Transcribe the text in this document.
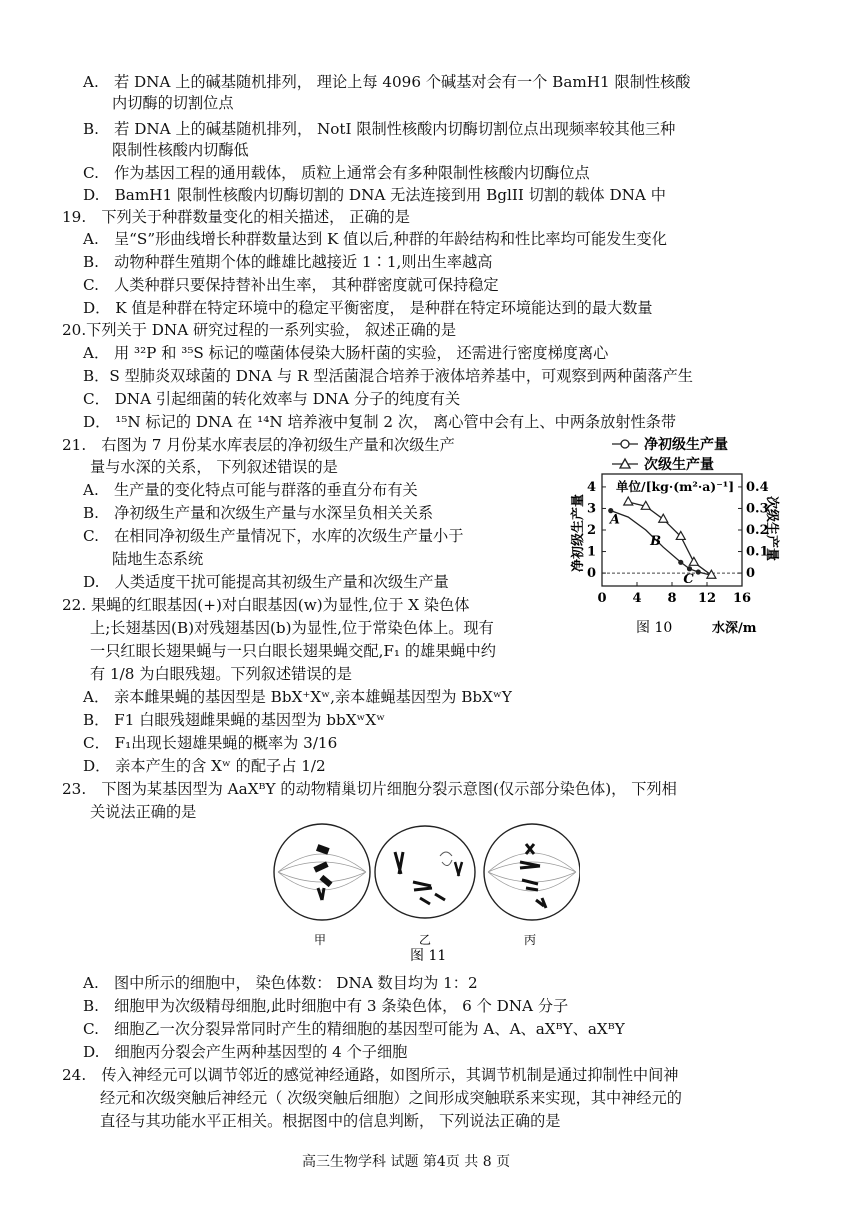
A.　若 DNA 上的碱基随机排列， 理论上每 4096 个碱基对会有一个 BamH1 限制性核酸
内切酶的切割位点
B.　若 DNA 上的碱基随机排列， NotI 限制性核酸内切酶切割位点出现频率较其他三种
限制性核酸内切酶低
C.　作为基因工程的通用载体， 质粒上通常会有多种限制性核酸内切酶位点
D.　BamH1 限制性核酸内切酶切割的 DNA 无法连接到用 BglII 切割的载体 DNA 中
19.　下列关于种群数量变化的相关描述， 正确的是
A.　呈“S”形曲线增长种群数量达到 K 值以后,种群的年龄结构和性比率均可能发生变化
B.　动物种群生殖期个体的雌雄比越接近 1∶1,则出生率越高
C.　人类种群只要保持替补出生率， 其种群密度就可保持稳定
D． K 值是种群在特定环境中的稳定平衡密度， 是种群在特定环境能达到的最大数量
20.下列关于 DNA 研究过程的一系列实验， 叙述正确的是
A． 用 ³²P 和 ³⁵S 标记的噬菌体侵染大肠杆菌的实验， 还需进行密度梯度离心
B．S 型肺炎双球菌的 DNA 与 R 型活菌混合培养于液体培养基中，可观察到两种菌落产生
C． DNA 引起细菌的转化效率与 DNA 分子的纯度有关
D． ¹⁵N 标记的 DNA 在 ¹⁴N 培养液中复制 2 次， 离心管中会有上、中两条放射性条带
21.　右图为 7 月份某水库表层的净初级生产量和次级生产
量与水深的关系， 下列叙述错误的是
A.　生产量的变化特点可能与群落的垂直分布有关
B.　净初级生产量和次级生产量与水深呈负相关关系
C.　在相同净初级生产量情况下，水库的次级生产量小于
陆地生态系统
D.　人类适度干扰可能提高其初级生产量和次级生产量
22. 果蝇的红眼基因(+)对白眼基因(w)为显性,位于 X 染色体
上;长翅基因(B)对残翅基因(b)为显性,位于常染色体上。现有
一只红眼长翅果蝇与一只白眼长翅果蝇交配,F₁ 的雄果蝇中约
有 1/8 为白眼残翅。下列叙述错误的是
A． 亲本雌果蝇的基因型是 BbX⁺Xʷ,亲本雄蝇基因型为 BbXʷY
B． F1 白眼残翅雌果蝇的基因型为 bbXʷXʷ
C． F₁出现长翅雄果蝇的概率为 3/16
D． 亲本产生的含 Xʷ 的配子占 1/2
23.　下图为某基因型为 AaXᴮY 的动物精巢切片细胞分裂示意图(仅示部分染色体)， 下列相
关说法正确的是
A.　图中所示的细胞中， 染色体数： DNA 数目均为 1：2
B.　细胞甲为次级精母细胞,此时细胞中有 3 条染色体， 6 个 DNA 分子
C.　细胞乙一次分裂异常同时产生的精细胞的基因型可能为 A、A、aXᴮY、aXᴮY
D.　细胞丙分裂会产生两种基因型的 4 个子细胞
24.　传入神经元可以调节邻近的感觉神经通路，如图所示，其调节机制是通过抑制性中间神
经元和次级突触后神经元（ 次级突触后细胞）之间形成突触联系来实现，其中神经元的
直径与其功能水平正相关。根据图中的信息判断， 下列说法正确的是
净初级生产量
次级生产量
单位/[kg·(m²·a)⁻¹]
净初级生产量	次级生产量
水深/m
图 10
0 4 8 12 16
0
1
2
3
4
0
0.1
0.2
0.3
0.4
A
B
C
甲	乙	丙
图 11
高三生物学科 试题 第4页 共 8 页
